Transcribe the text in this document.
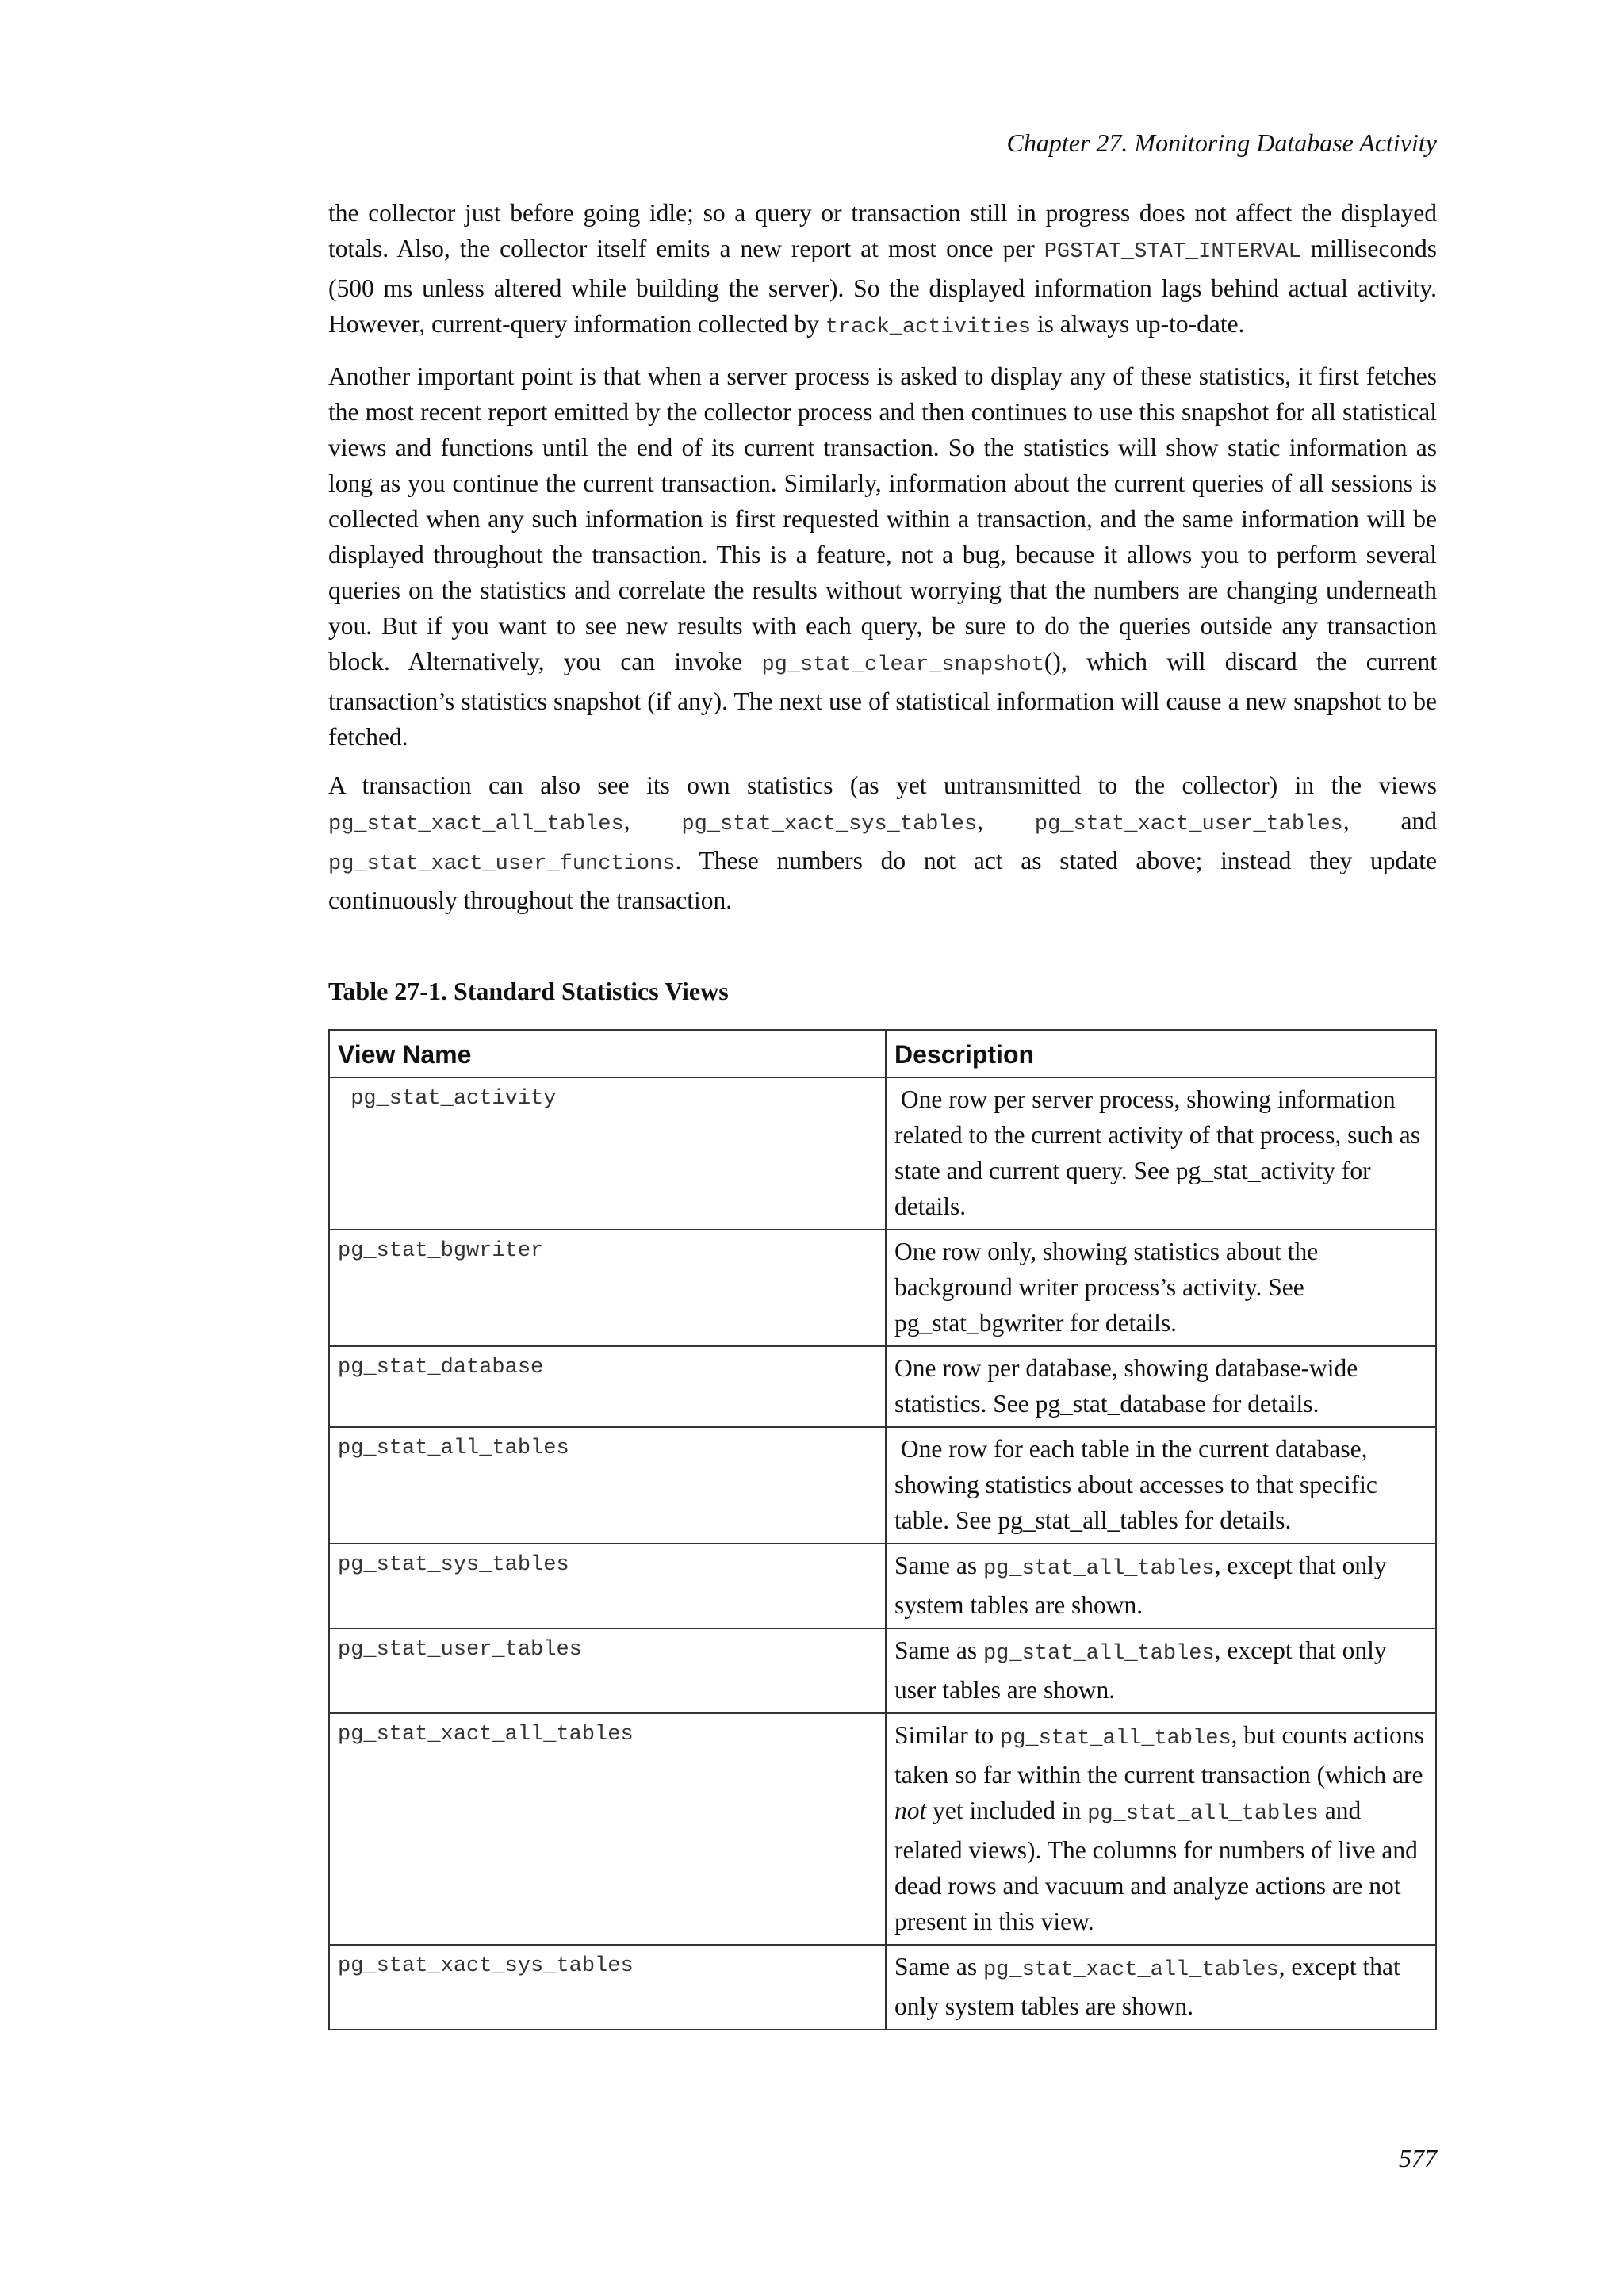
Chapter 27. Monitoring Database Activity

the collector just before going idle; so a query or transaction still in progress does not affect the displayed totals. Also, the collector itself emits a new report at most once per PGSTAT_STAT_INTERVAL milliseconds (500 ms unless altered while building the server). So the displayed information lags behind actual activity. However, current-query information collected by track_activities is always up-to-date.

Another important point is that when a server process is asked to display any of these statistics, it first fetches the most recent report emitted by the collector process and then continues to use this snapshot for all statistical views and functions until the end of its current transaction. So the statistics will show static information as long as you continue the current transaction. Similarly, information about the current queries of all sessions is collected when any such information is first requested within a transaction, and the same information will be displayed throughout the transaction. This is a feature, not a bug, because it allows you to perform several queries on the statistics and correlate the results without worrying that the numbers are changing underneath you. But if you want to see new results with each query, be sure to do the queries outside any transaction block. Alternatively, you can invoke pg_stat_clear_snapshot(), which will discard the current transaction’s statistics snapshot (if any). The next use of statistical information will cause a new snapshot to be fetched.

A transaction can also see its own statistics (as yet untransmitted to the collector) in the views pg_stat_xact_all_tables, pg_stat_xact_sys_tables, pg_stat_xact_user_tables, and pg_stat_xact_user_functions. These numbers do not act as stated above; instead they update continuously throughout the transaction.

Table 27-1. Standard Statistics Views
View Name	Description
pg_stat_activity	One row per server process, showing information related to the current activity of that process, such as state and current query. See pg_stat_activity for details.
pg_stat_bgwriter	One row only, showing statistics about the background writer process’s activity. See pg_stat_bgwriter for details.
pg_stat_database	One row per database, showing database-wide statistics. See pg_stat_database for details.
pg_stat_all_tables	One row for each table in the current database, showing statistics about accesses to that specific table. See pg_stat_all_tables for details.
pg_stat_sys_tables	Same as pg_stat_all_tables, except that only system tables are shown.
pg_stat_user_tables	Same as pg_stat_all_tables, except that only user tables are shown.
pg_stat_xact_all_tables	Similar to pg_stat_all_tables, but counts actions taken so far within the current transaction (which are not yet included in pg_stat_all_tables and related views). The columns for numbers of live and dead rows and vacuum and analyze actions are not present in this view.
pg_stat_xact_sys_tables	Same as pg_stat_xact_all_tables, except that only system tables are shown.
577
